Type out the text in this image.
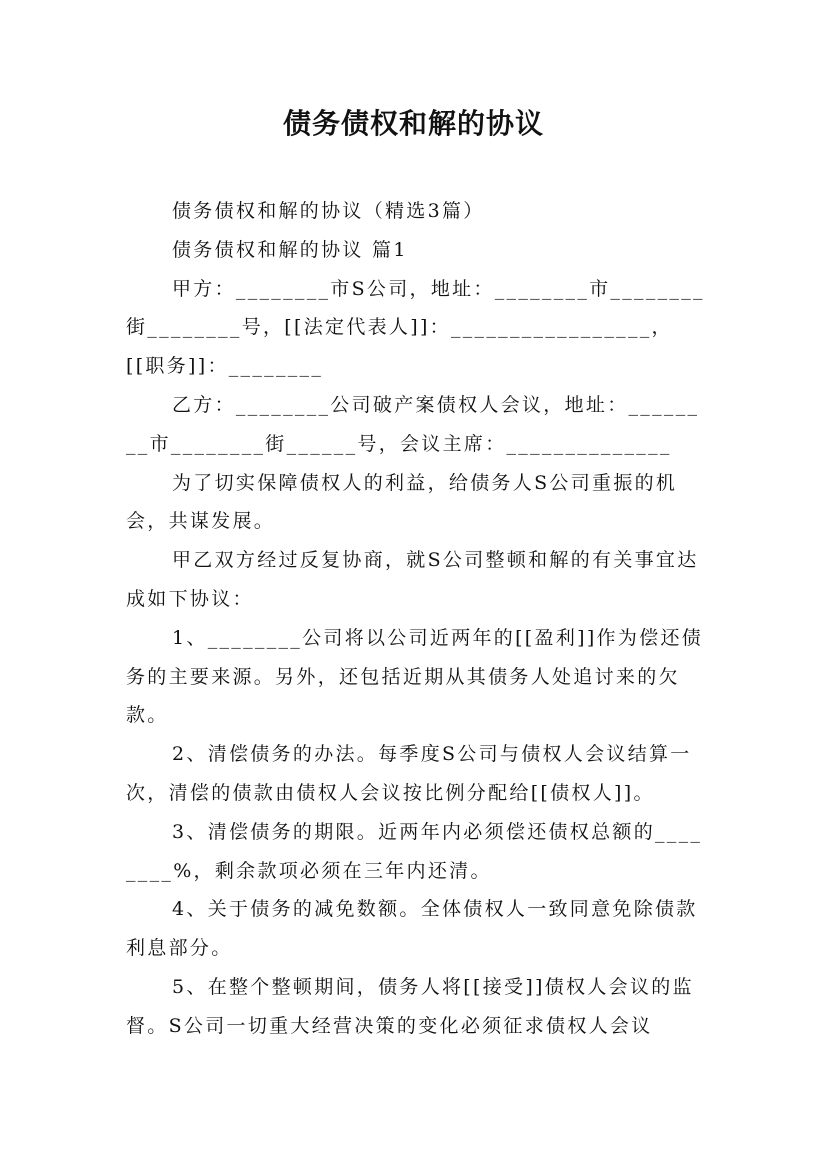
债务债权和解的协议

债务债权和解的协议（精选3篇）

债务债权和解的协议 篇1

甲方：________市S公司，地址：________市________街________号，[[法定代表人]]：_________________，[[职务]]：________

乙方：________公司破产案债权人会议，地址：________市________街______号，会议主席：______________

为了切实保障债权人的利益，给债务人S公司重振的机会，共谋发展。

甲乙双方经过反复协商，就S公司整顿和解的有关事宜达成如下协议：

1、________公司将以公司近两年的[[盈利]]作为偿还债务的主要来源。另外，还包括近期从其债务人处追讨来的欠款。

2、清偿债务的办法。每季度S公司与债权人会议结算一次，清偿的债款由债权人会议按比例分配给[[债权人]]。

3、清偿债务的期限。近两年内必须偿还债权总额的________%，剩余款项必须在三年内还清。

4、关于债务的减免数额。全体债权人一致同意免除债款利息部分。

5、在整个整顿期间，债务人将[[接受]]债权人会议的监督。S公司一切重大经营决策的变化必须征求债权人会议
